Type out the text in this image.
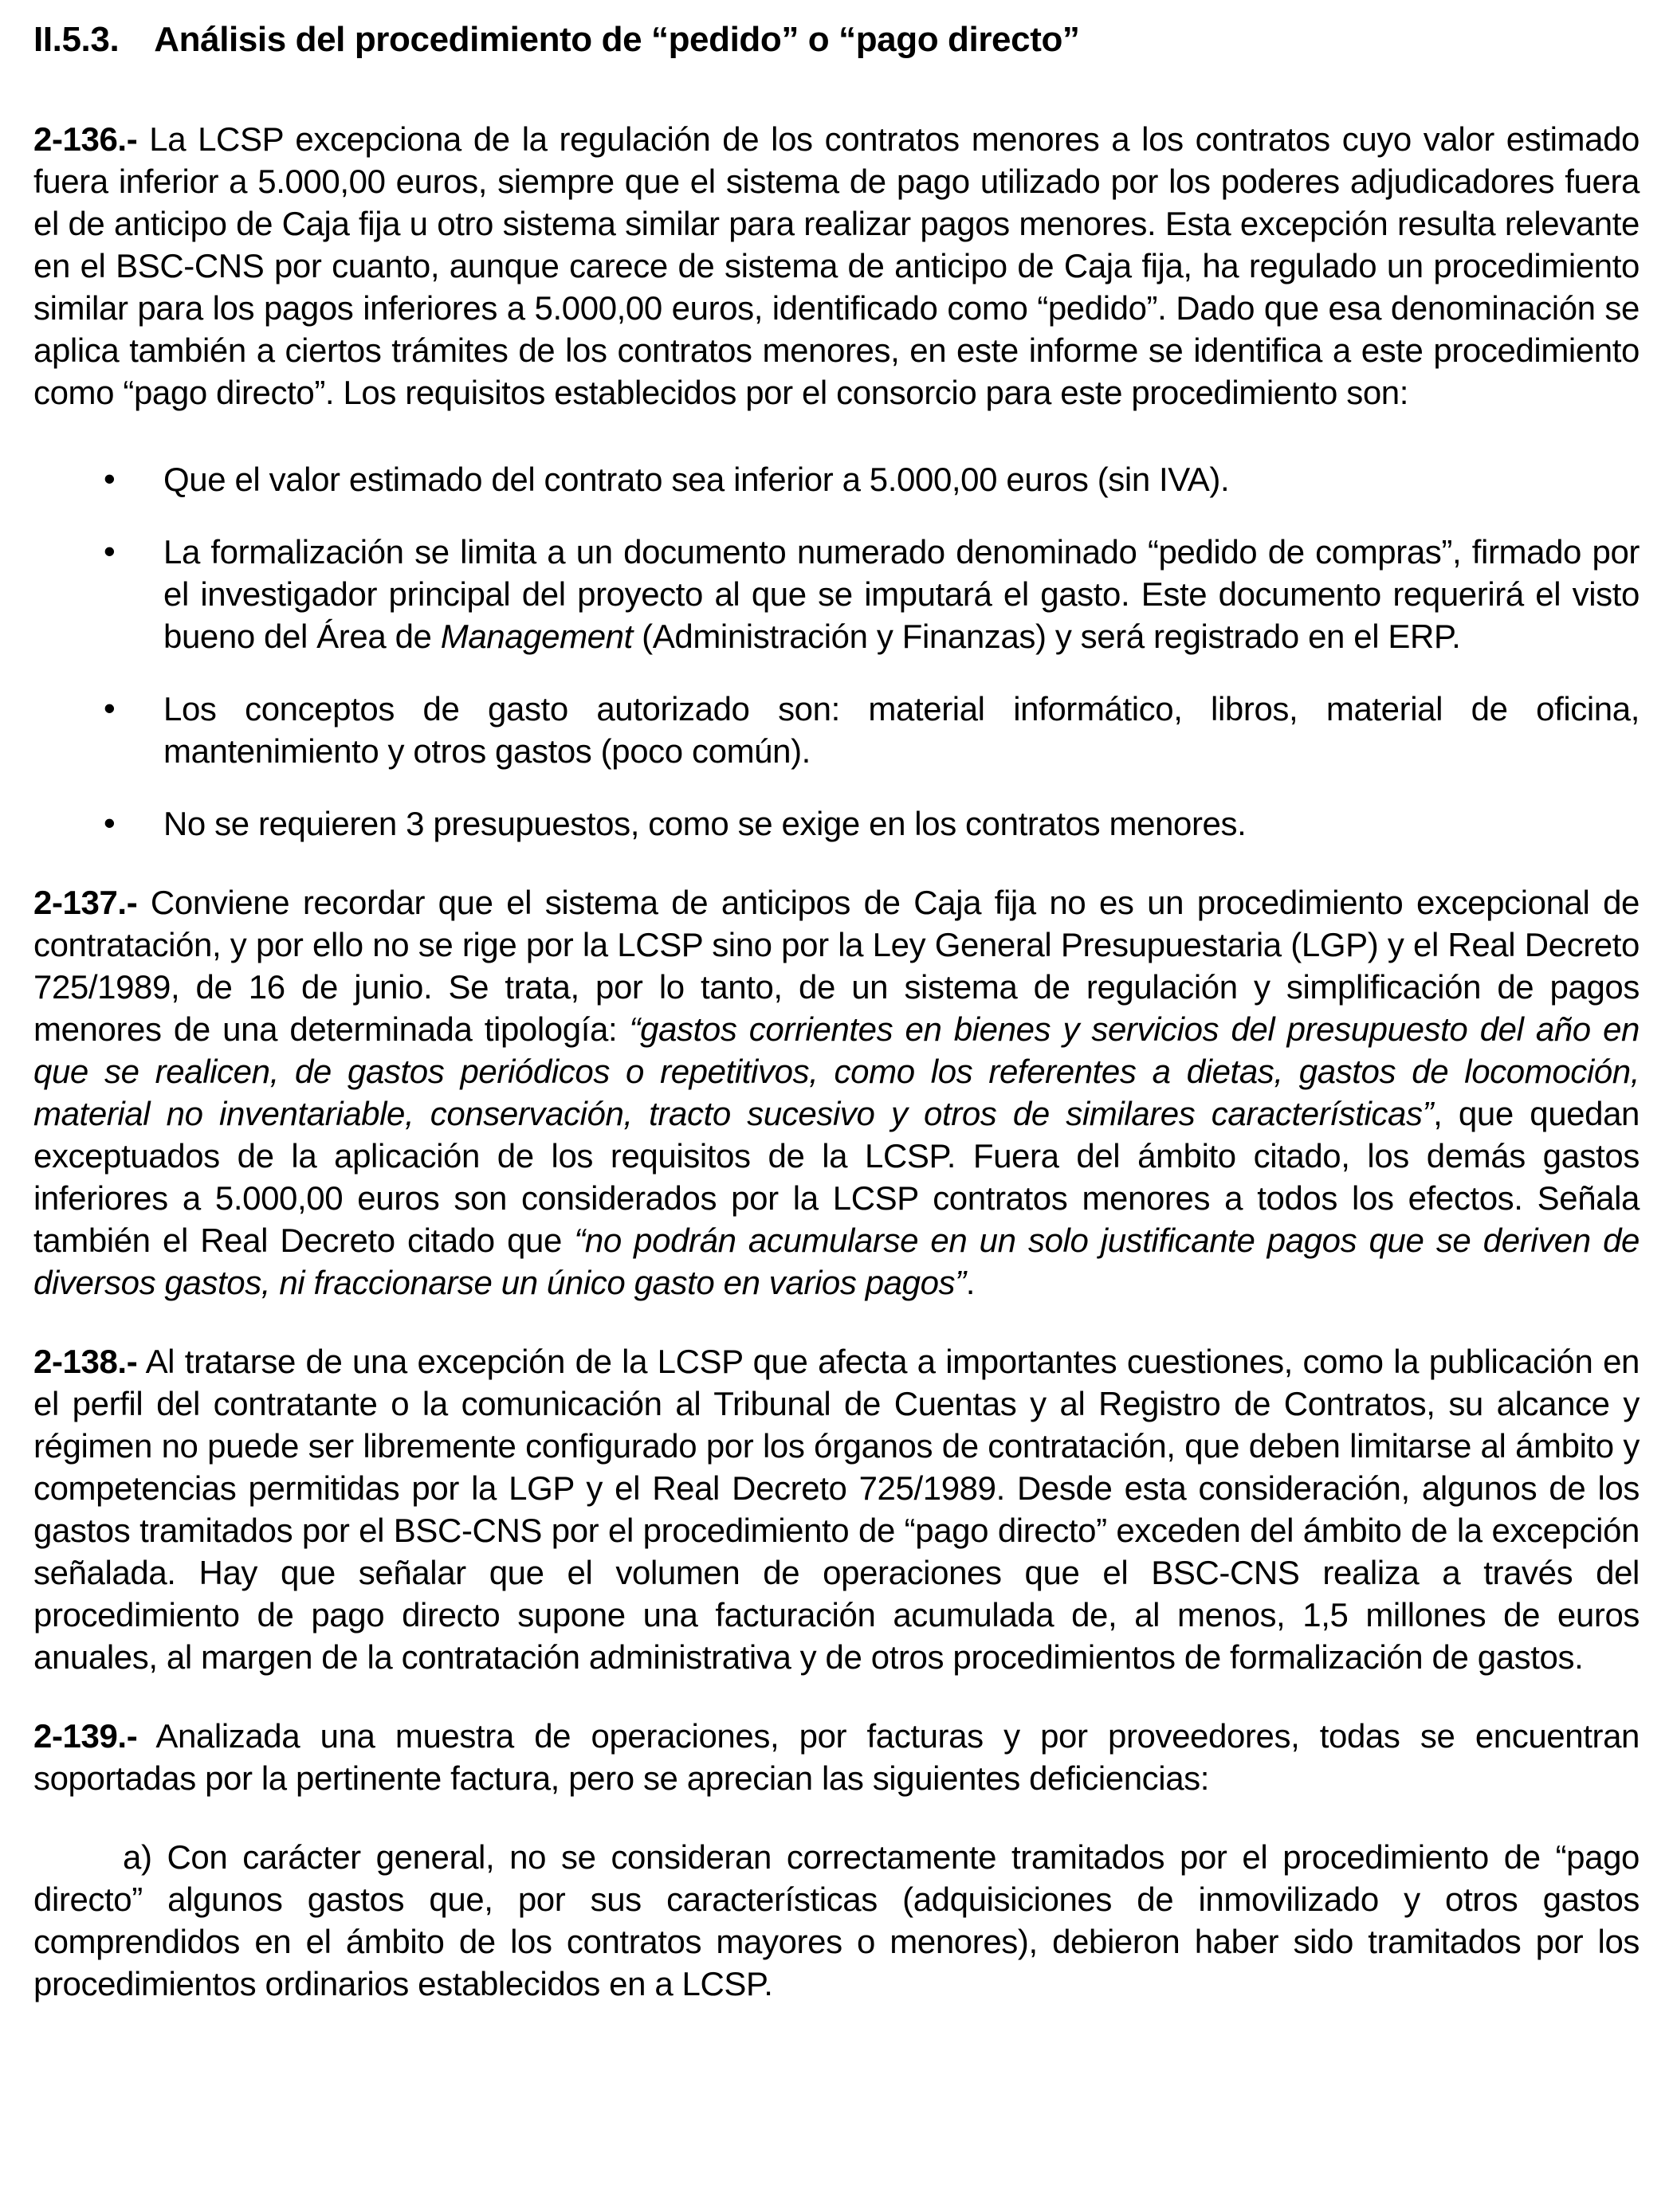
II.5.3. Análisis del procedimiento de “pedido” o “pago directo”

2-136.- La LCSP excepciona de la regulación de los contratos menores a los contratos cuyo valor estimado fuera inferior a 5.000,00 euros, siempre que el sistema de pago utilizado por los poderes adjudicadores fuera el de anticipo de Caja fija u otro sistema similar para realizar pagos menores. Esta excepción resulta relevante en el BSC-CNS por cuanto, aunque carece de sistema de anticipo de Caja fija, ha regulado un procedimiento similar para los pagos inferiores a 5.000,00 euros, identificado como “pedido”. Dado que esa denominación se aplica también a ciertos trámites de los contratos menores, en este informe se identifica a este procedimiento como “pago directo”. Los requisitos establecidos por el consorcio para este procedimiento son:

• Que el valor estimado del contrato sea inferior a 5.000,00 euros (sin IVA).
• La formalización se limita a un documento numerado denominado “pedido de compras”, firmado por el investigador principal del proyecto al que se imputará el gasto. Este documento requerirá el visto bueno del Área de Management (Administración y Finanzas) y será registrado en el ERP.
• Los conceptos de gasto autorizado son: material informático, libros, material de oficina, mantenimiento y otros gastos (poco común).
• No se requieren 3 presupuestos, como se exige en los contratos menores.

2-137.- Conviene recordar que el sistema de anticipos de Caja fija no es un procedimiento excepcional de contratación, y por ello no se rige por la LCSP sino por la Ley General Presupuestaria (LGP) y el Real Decreto 725/1989, de 16 de junio. Se trata, por lo tanto, de un sistema de regulación y simplificación de pagos menores de una determinada tipología: “gastos corrientes en bienes y servicios del presupuesto del año en que se realicen, de gastos periódicos o repetitivos, como los referentes a dietas, gastos de locomoción, material no inventariable, conservación, tracto sucesivo y otros de similares características”, que quedan exceptuados de la aplicación de los requisitos de la LCSP. Fuera del ámbito citado, los demás gastos inferiores a 5.000,00 euros son considerados por la LCSP contratos menores a todos los efectos. Señala también el Real Decreto citado que “no podrán acumularse en un solo justificante pagos que se deriven de diversos gastos, ni fraccionarse un único gasto en varios pagos”.

2-138.- Al tratarse de una excepción de la LCSP que afecta a importantes cuestiones, como la publicación en el perfil del contratante o la comunicación al Tribunal de Cuentas y al Registro de Contratos, su alcance y régimen no puede ser libremente configurado por los órganos de contratación, que deben limitarse al ámbito y competencias permitidas por la LGP y el Real Decreto 725/1989. Desde esta consideración, algunos de los gastos tramitados por el BSC-CNS por el procedimiento de “pago directo” exceden del ámbito de la excepción señalada. Hay que señalar que el volumen de operaciones que el BSC-CNS realiza a través del procedimiento de pago directo supone una facturación acumulada de, al menos, 1,5 millones de euros anuales, al margen de la contratación administrativa y de otros procedimientos de formalización de gastos.

2-139.- Analizada una muestra de operaciones, por facturas y por proveedores, todas se encuentran soportadas por la pertinente factura, pero se aprecian las siguientes deficiencias:

a) Con carácter general, no se consideran correctamente tramitados por el procedimiento de “pago directo” algunos gastos que, por sus características (adquisiciones de inmovilizado y otros gastos comprendidos en el ámbito de los contratos mayores o menores), debieron haber sido tramitados por los procedimientos ordinarios establecidos en a LCSP.
